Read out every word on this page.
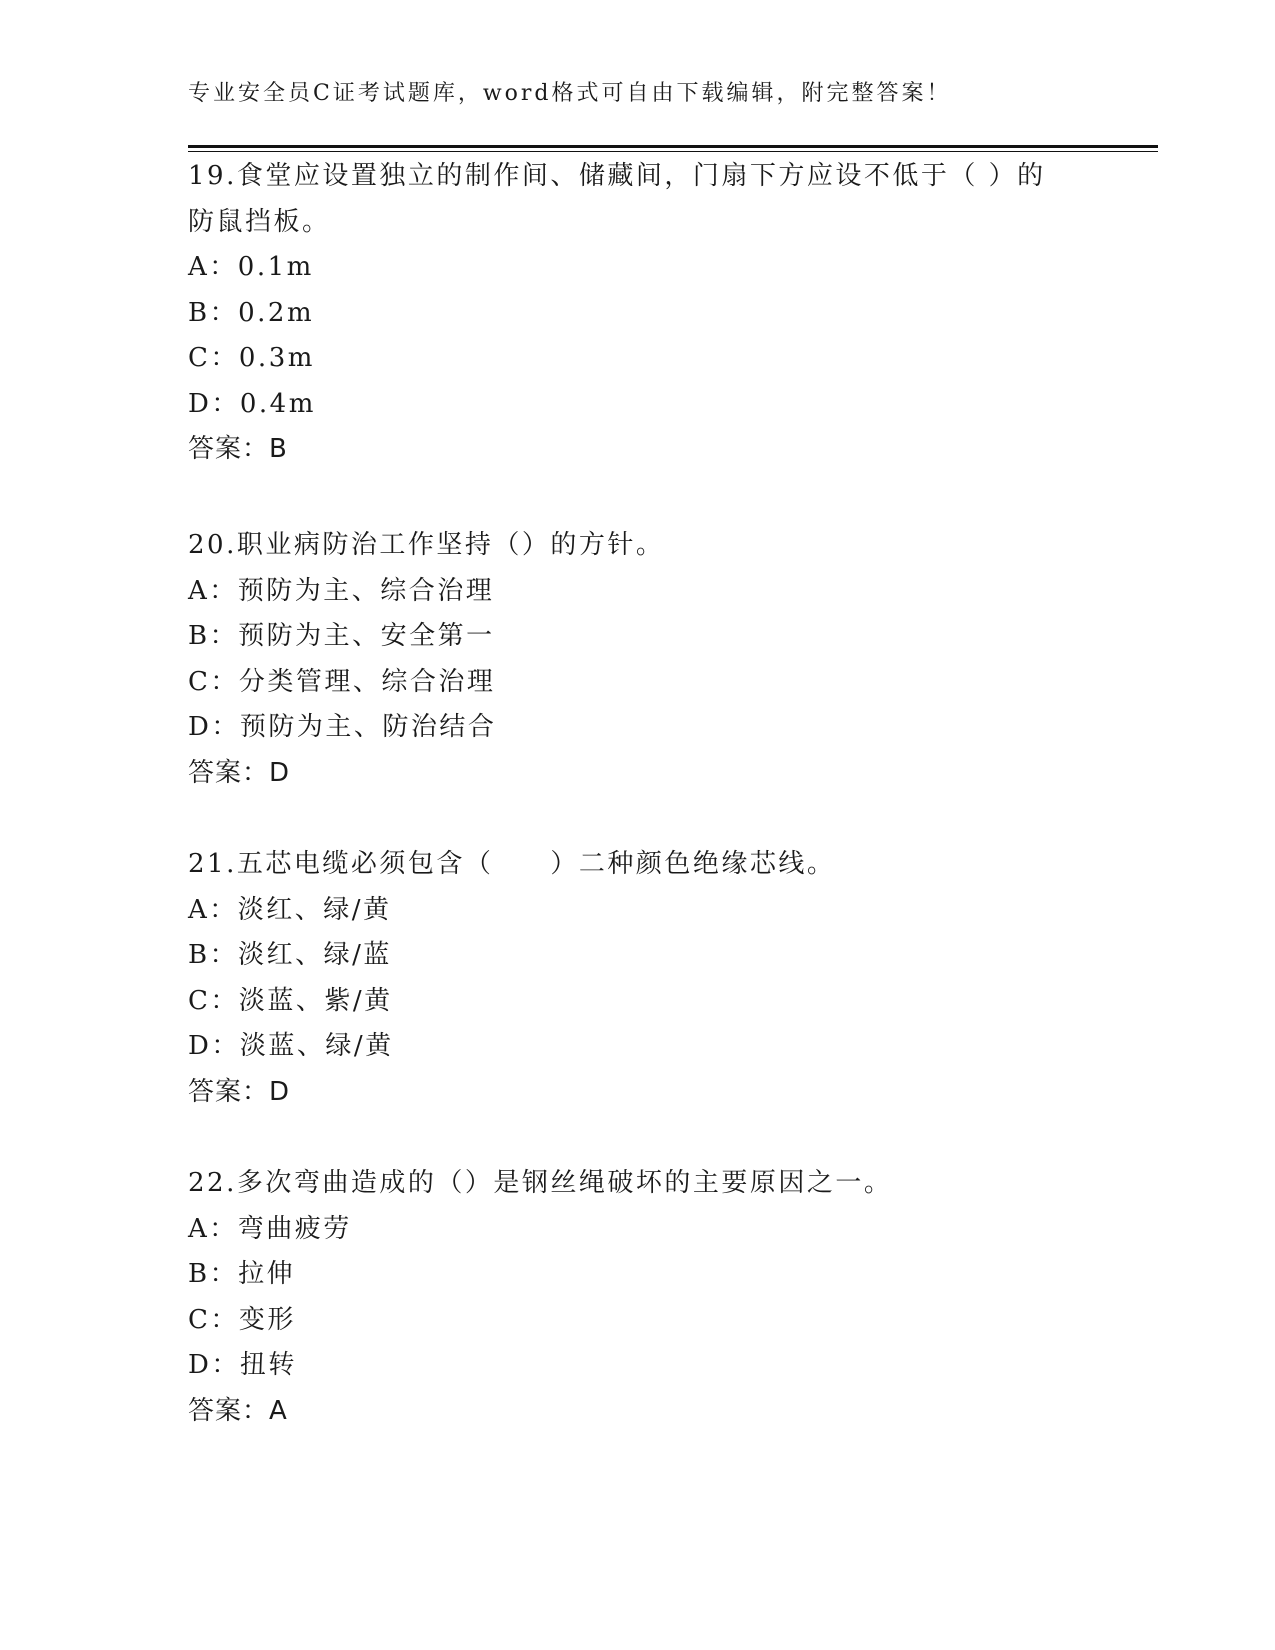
专业安全员C证考试题库，word格式可自由下载编辑，附完整答案！
19.食堂应设置独立的制作间、储藏间，门扇下方应设不低于（ ）的
防鼠挡板。
A：0.1m
B：0.2m
C：0.3m
D：0.4m
答案：B
20.职业病防治工作坚持（）的方针。
A：预防为主、综合治理
B：预防为主、安全第一
C：分类管理、综合治理
D：预防为主、防治结合
答案：D
21.五芯电缆必须包含（　　）二种颜色绝缘芯线。
A：淡红、绿/黄
B：淡红、绿/蓝
C：淡蓝、紫/黄
D：淡蓝、绿/黄
答案：D
22.多次弯曲造成的（）是钢丝绳破坏的主要原因之一。
A：弯曲疲劳
B：拉伸
C：变形
D：扭转
答案：A
